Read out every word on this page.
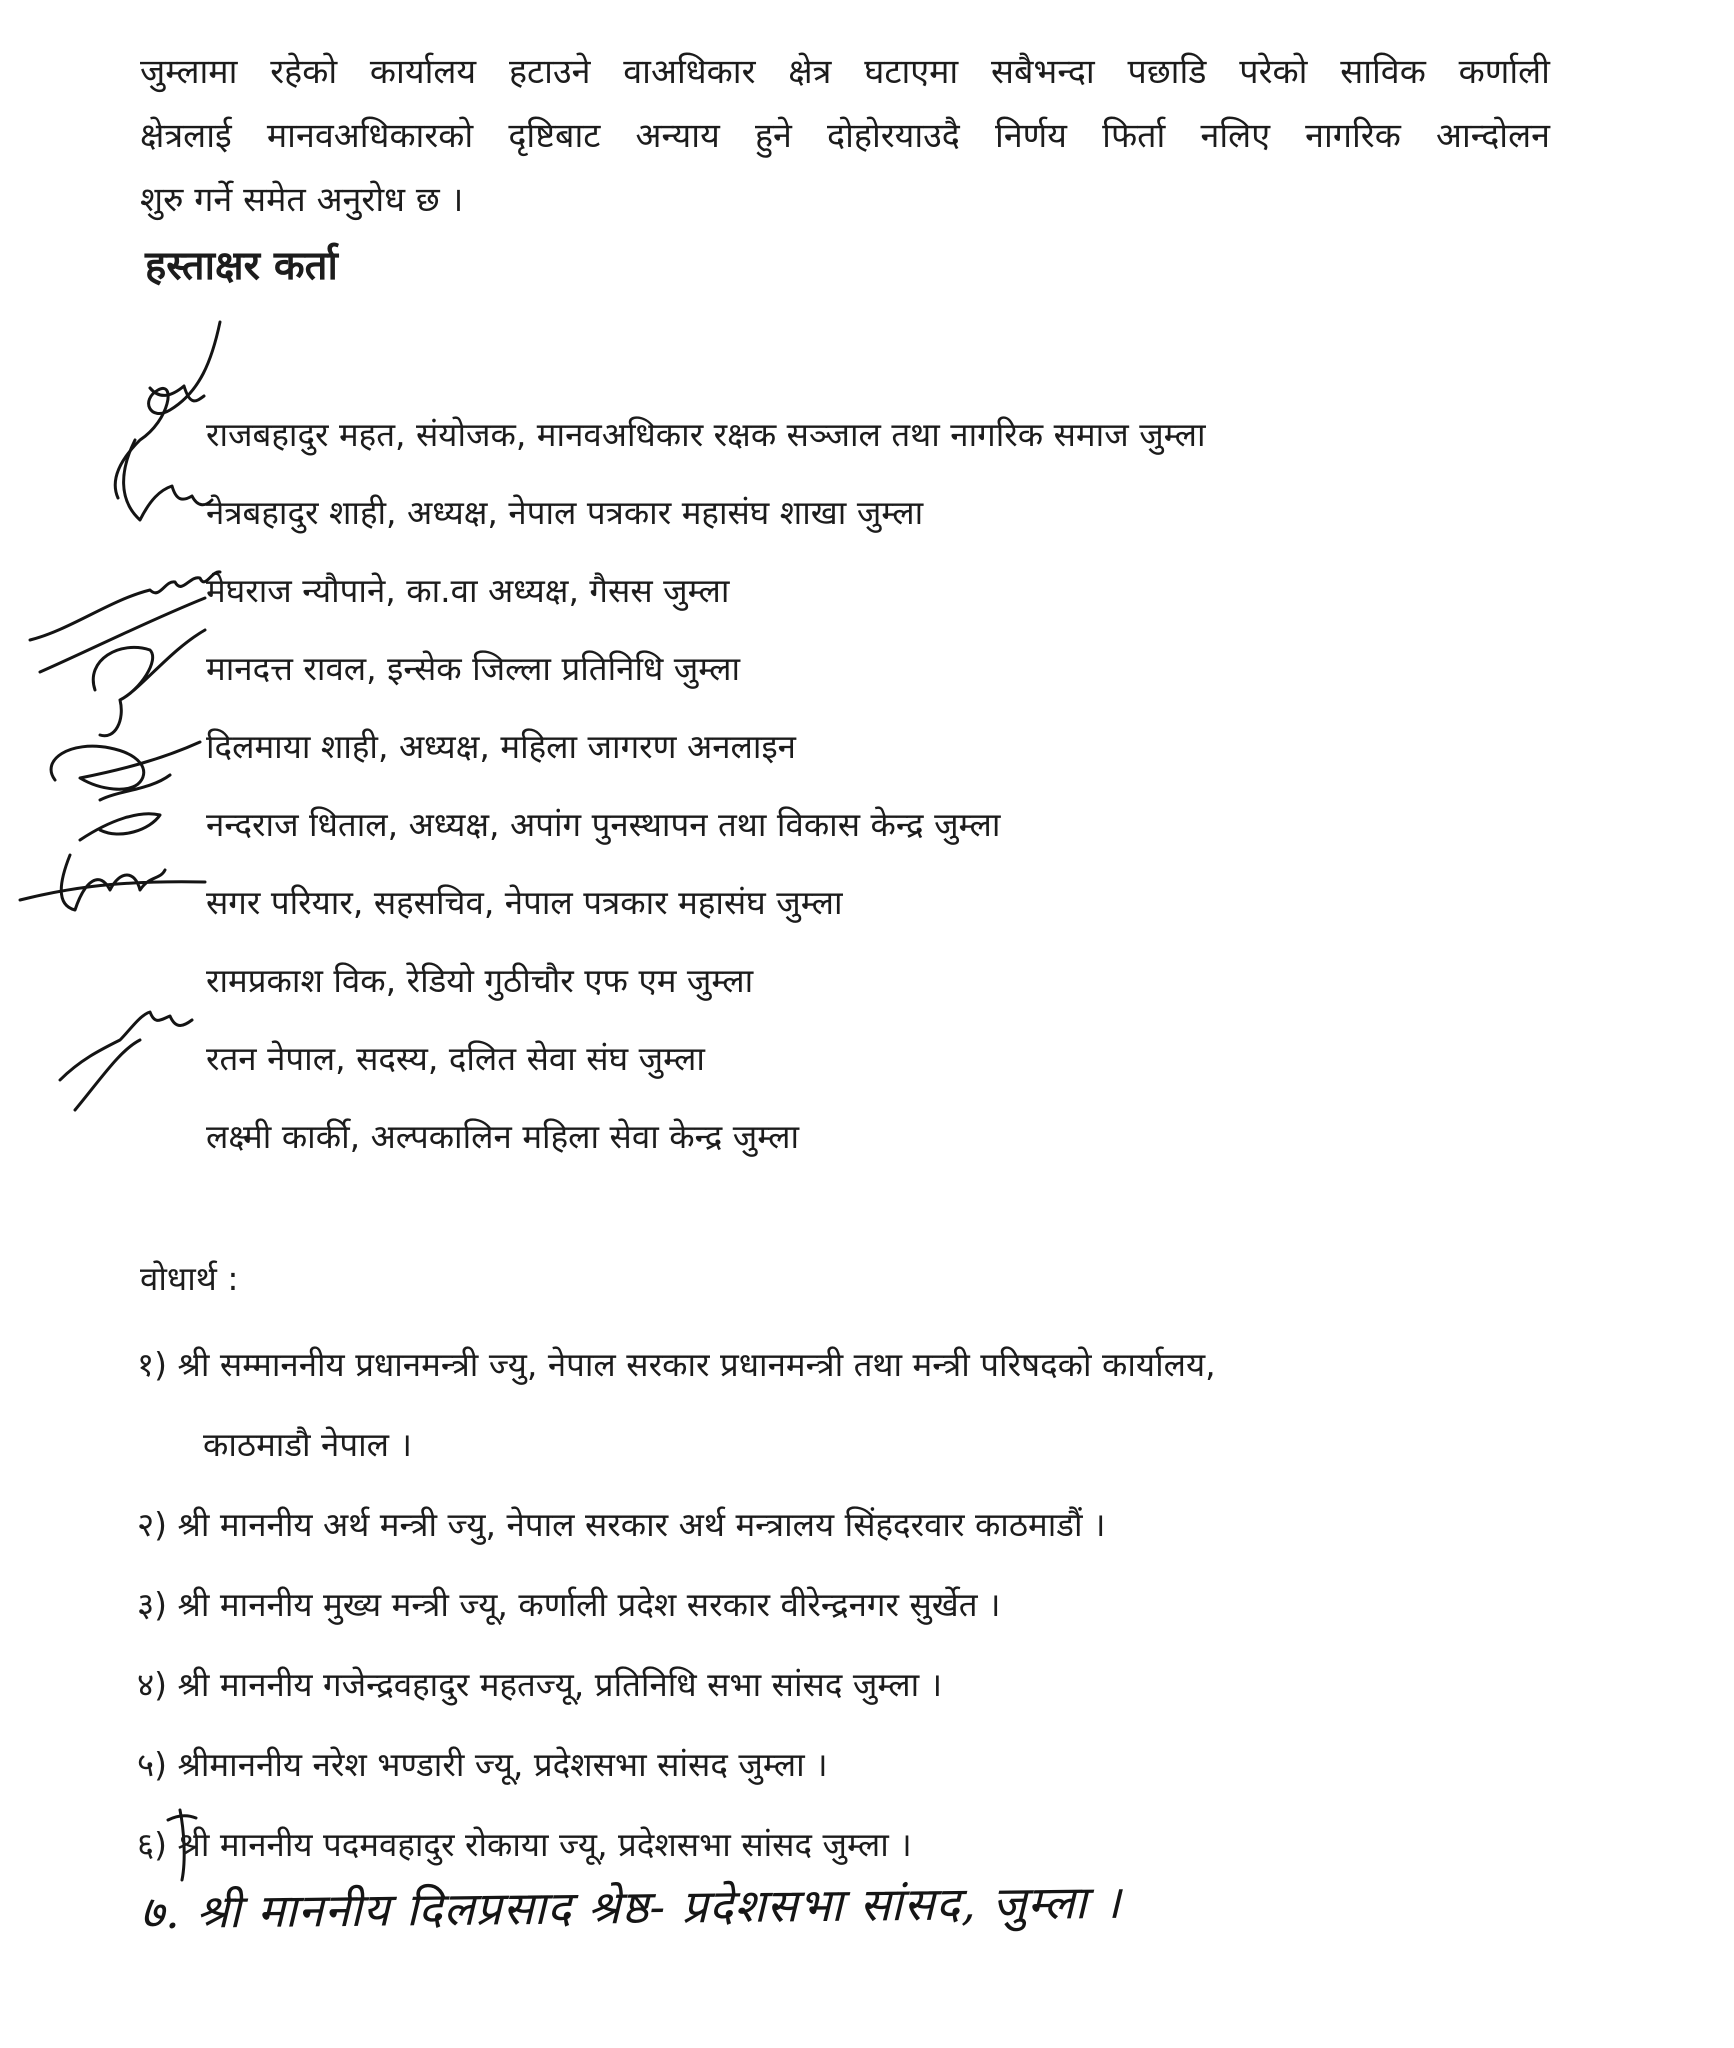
जुम्लामा रहेको कार्यालय हटाउने वाअधिकार क्षेत्र घटाएमा सबैभन्दा पछाडि परेको साविक कर्णाली
क्षेत्रलाई मानवअधिकारको दृष्टिबाट अन्याय हुने दोहोरयाउदै निर्णय फिर्ता नलिए नागरिक आन्दोलन
शुरु गर्ने समेत अनुरोध छ ।
हस्ताक्षर कर्ता
राजबहादुर महत, संयोजक, मानवअधिकार रक्षक सञ्जाल तथा नागरिक समाज जुम्ला
नेत्रबहादुर शाही, अध्यक्ष, नेपाल पत्रकार महासंघ शाखा जुम्ला
मेघराज न्यौपाने, का.वा अध्यक्ष, गैसस जुम्ला
मानदत्त रावल, इन्सेक जिल्ला प्रतिनिधि जुम्ला
दिलमाया शाही, अध्यक्ष, महिला जागरण अनलाइन
नन्दराज धिताल, अध्यक्ष, अपांग पुनस्थापन तथा विकास केन्द्र जुम्ला
सगर परियार, सहसचिव, नेपाल पत्रकार महासंघ जुम्ला
रामप्रकाश विक, रेडियो गुठीचौर एफ एम जुम्ला
रतन नेपाल, सदस्य, दलित सेवा संघ जुम्ला
लक्ष्मी कार्की, अल्पकालिन महिला सेवा केन्द्र जुम्ला
वोधार्थ :
१) श्री सम्माननीय प्रधानमन्त्री ज्यु, नेपाल सरकार प्रधानमन्त्री तथा मन्त्री परिषदको कार्यालय,
काठमाडौ नेपाल ।
२) श्री माननीय अर्थ मन्त्री ज्यु, नेपाल सरकार अर्थ मन्त्रालय सिंहदरवार काठमाडौं ।
३) श्री माननीय मुख्य मन्त्री ज्यू, कर्णाली प्रदेश सरकार वीरेन्द्रनगर सुर्खेत ।
४) श्री माननीय गजेन्द्रवहादुर महतज्यू, प्रतिनिधि सभा सांसद जुम्ला ।
५) श्रीमाननीय नरेश भण्डारी ज्यू, प्रदेशसभा सांसद जुम्ला ।
६) श्री माननीय पदमवहादुर रोकाया ज्यू, प्रदेशसभा सांसद जुम्ला ।
७. श्री माननीय दिलप्रसाद श्रेष्ठ- प्रदेशसभा सांसद, जुम्ला ।
